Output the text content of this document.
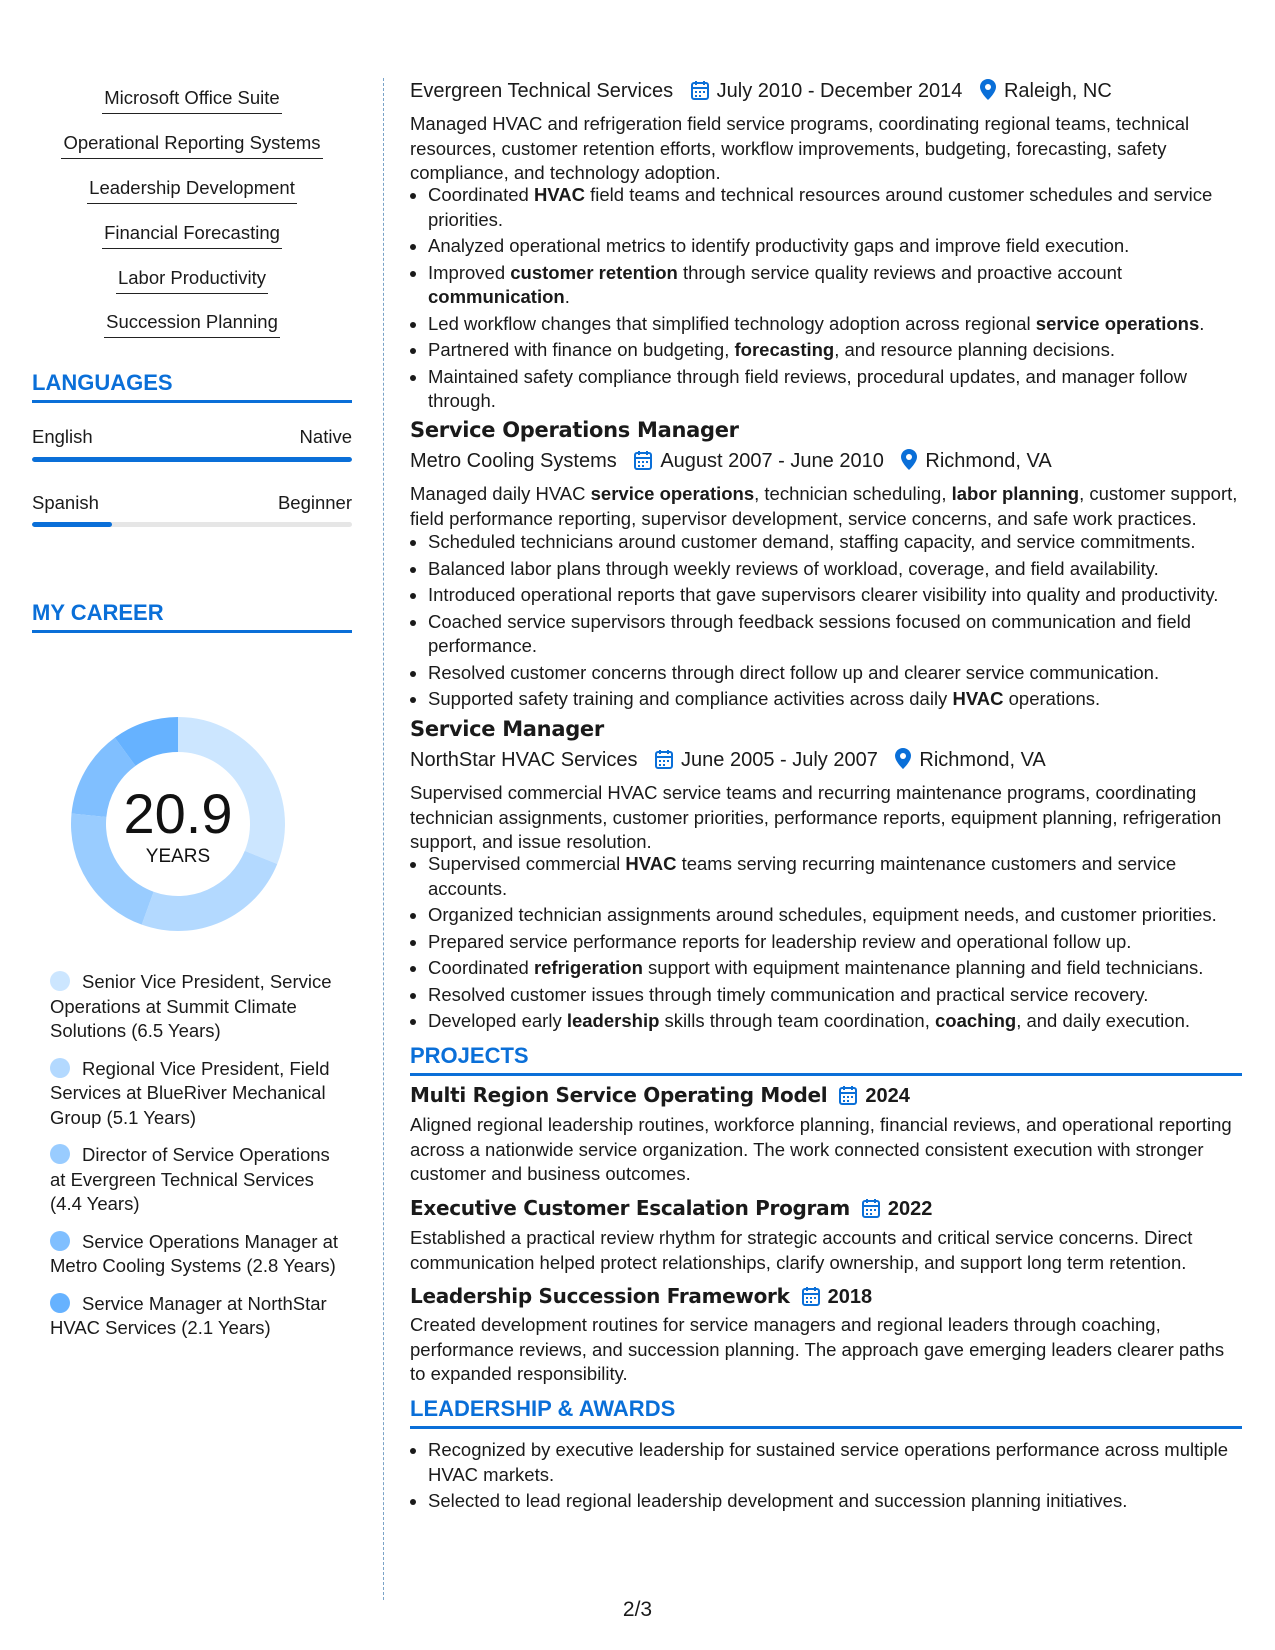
Microsoft Office Suite
Operational Reporting Systems
Leadership Development
Financial Forecasting
Labor Productivity
Succession Planning
LANGUAGES
English	Native
Spanish	Beginner
MY CAREER
20.9
YEARS
Senior Vice President, Service Operations at Summit Climate Solutions (6.5 Years)
Regional Vice President, Field Services at BlueRiver Mechanical Group (5.1 Years)
Director of Service Operations at Evergreen Technical Services (4.4 Years)
Service Operations Manager at Metro Cooling Systems (2.8 Years)
Service Manager at NorthStar HVAC Services (2.1 Years)
Evergreen Technical Services July 2010 - December 2014 Raleigh, NC
Managed HVAC and refrigeration field service programs, coordinating regional teams, technical resources, customer retention efforts, workflow improvements, budgeting, forecasting, safety compliance, and technology adoption.
• Coordinated HVAC field teams and technical resources around customer schedules and service priorities.
• Analyzed operational metrics to identify productivity gaps and improve field execution.
• Improved customer retention through service quality reviews and proactive account communication.
• Led workflow changes that simplified technology adoption across regional service operations.
• Partnered with finance on budgeting, forecasting, and resource planning decisions.
• Maintained safety compliance through field reviews, procedural updates, and manager follow through.
Service Operations Manager
Metro Cooling Systems August 2007 - June 2010 Richmond, VA
Managed daily HVAC service operations, technician scheduling, labor planning, customer support, field performance reporting, supervisor development, service concerns, and safe work practices.
• Scheduled technicians around customer demand, staffing capacity, and service commitments.
• Balanced labor plans through weekly reviews of workload, coverage, and field availability.
• Introduced operational reports that gave supervisors clearer visibility into quality and productivity.
• Coached service supervisors through feedback sessions focused on communication and field performance.
• Resolved customer concerns through direct follow up and clearer service communication.
• Supported safety training and compliance activities across daily HVAC operations.
Service Manager
NorthStar HVAC Services June 2005 - July 2007 Richmond, VA
Supervised commercial HVAC service teams and recurring maintenance programs, coordinating technician assignments, customer priorities, performance reports, equipment planning, refrigeration support, and issue resolution.
• Supervised commercial HVAC teams serving recurring maintenance customers and service accounts.
• Organized technician assignments around schedules, equipment needs, and customer priorities.
• Prepared service performance reports for leadership review and operational follow up.
• Coordinated refrigeration support with equipment maintenance planning and field technicians.
• Resolved customer issues through timely communication and practical service recovery.
• Developed early leadership skills through team coordination, coaching, and daily execution.
PROJECTS
Multi Region Service Operating Model 2024
Aligned regional leadership routines, workforce planning, financial reviews, and operational reporting across a nationwide service organization. The work connected consistent execution with stronger customer and business outcomes.
Executive Customer Escalation Program 2022
Established a practical review rhythm for strategic accounts and critical service concerns. Direct communication helped protect relationships, clarify ownership, and support long term retention.
Leadership Succession Framework 2018
Created development routines for service managers and regional leaders through coaching, performance reviews, and succession planning. The approach gave emerging leaders clearer paths to expanded responsibility.
LEADERSHIP & AWARDS
• Recognized by executive leadership for sustained service operations performance across multiple HVAC markets.
• Selected to lead regional leadership development and succession planning initiatives.
2/3
